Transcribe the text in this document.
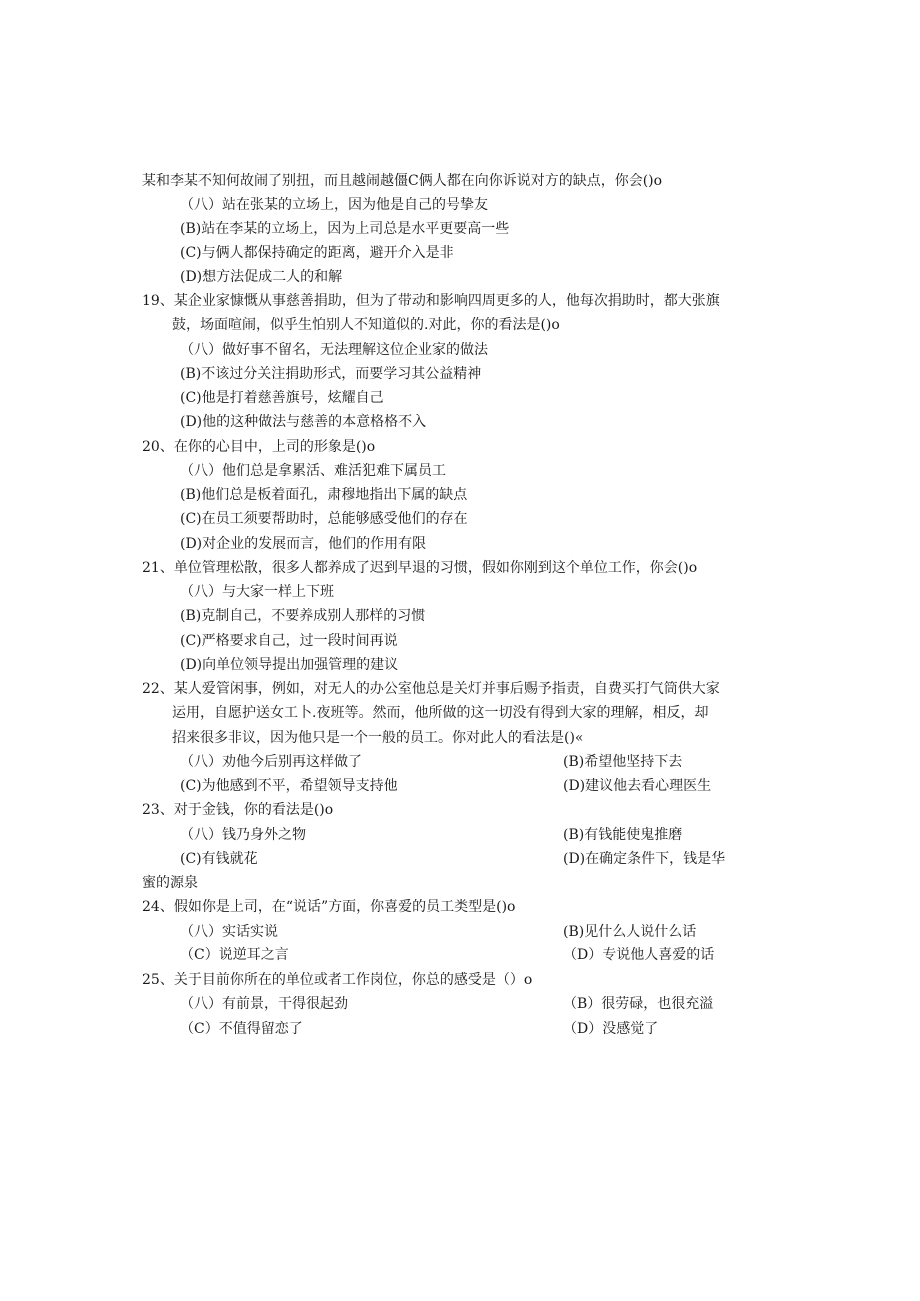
某和李某不知何故闹了别扭，而且越闹越僵C俩人都在向你诉说对方的缺点，你会()o
（八）站在张某的立场上，因为他是自己的号挚友
(B)站在李某的立场上，因为上司总是水平更要高一些
(C)与俩人都保持确定的距离，避开介入是非
(D)想方法促成二人的和解
19、某企业家慷慨从事慈善捐助，但为了带动和影响四周更多的人，他每次捐助时，都大张旗
鼓，场面喧闹，似乎生怕别人不知道似的.对此，你的看法是()o
（八）做好事不留名，无法理解这位企业家的做法
(B)不该过分关注捐助形式，而要学习其公益精神
(C)他是打着慈善旗号，炫耀自己
(D)他的这种做法与慈善的本意格格不入
20、在你的心目中，上司的形象是()o
（八）他们总是拿累活、难活犯难下属员工
(B)他们总是板着面孔，肃穆地指出下属的缺点
(C)在员工须要帮助时，总能够感受他们的存在
(D)对企业的发展而言，他们的作用有限
21、单位管理松散，很多人都养成了迟到早退的习惯，假如你刚到这个单位工作，你会()o
（八）与大家一样上下班
(B)克制自己，不要养成别人那样的习惯
(C)严格要求自己，过一段时间再说
(D)向单位领导提出加强管理的建议
22、某人爱管闲事，例如，对无人的办公室他总是关灯并事后赐予指责，自费买打气筒供大家
运用，自愿护送女工卜.夜班等。然而，他所做的这一切没有得到大家的理解，相反，却
招来很多非议，因为他只是一个一般的员工。你对此人的看法是()«
（八）劝他今后别再这样做了	(B)希望他坚持下去
(C)为他感到不平，希望领导支持他	(D)建议他去看心理医生
23、对于金钱，你的看法是()o
（八）钱乃身外之物	(B)有钱能使鬼推磨
(C)有钱就花	(D)在确定条件下，钱是华
蜜的源泉
24、假如你是上司，在“说话”方面，你喜爱的员工类型是()o
（八）实话实说	(B)见什么人说什么话
（C）说逆耳之言	（D）专说他人喜爱的话
25、关于目前你所在的单位或者工作岗位，你总的感受是（）o
（八）有前景，干得很起劲	（B）很劳碌，也很充溢
（C）不值得留恋了	（D）没感觉了
